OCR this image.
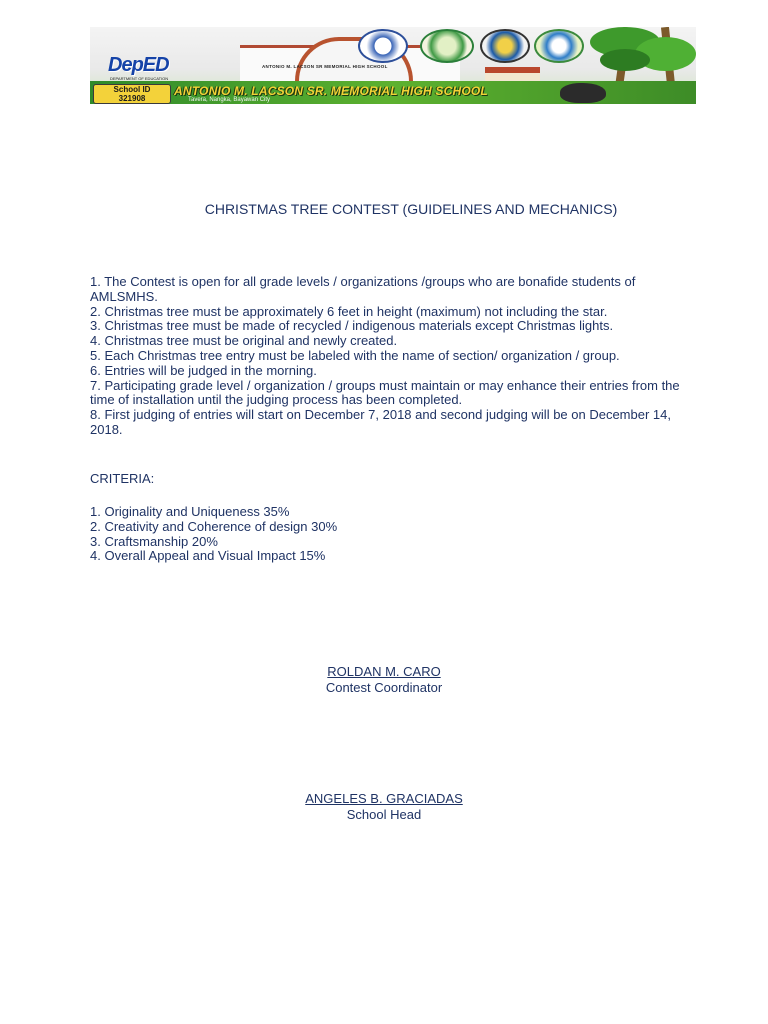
ANTONIO M. LACSON SR MEMORIAL HIGH SCHOOL
DepED
DEPARTMENT OF EDUCATION
School ID
321908
ANTONIO M. LACSON SR. MEMORIAL HIGH SCHOOL
Tavera, Nangka, Bayawan City
CHRISTMAS TREE CONTEST (GUIDELINES AND MECHANICS)
1. The Contest is open for all grade levels / organizations /groups who are bonafide students of AMLSMHS.
2. Christmas tree must be approximately 6 feet in height (maximum) not including the star.
3. Christmas tree must be made of recycled / indigenous materials except Christmas lights.
4. Christmas tree must be original and newly created.
5. Each Christmas tree entry must be labeled with the name of section/ organization / group.
6. Entries will be judged in the morning.
7. Participating grade level / organization / groups must maintain or may enhance their entries from the time of installation until the judging process has been completed.
8. First judging of entries will start on December 7, 2018 and second judging will be on December 14, 2018.
CRITERIA:
1. Originality and Uniqueness 35%
2. Creativity and Coherence of design 30%
3. Craftsmanship 20%
4. Overall Appeal and Visual Impact 15%
ROLDAN M. CARO
Contest Coordinator
ANGELES B. GRACIADAS
School Head
